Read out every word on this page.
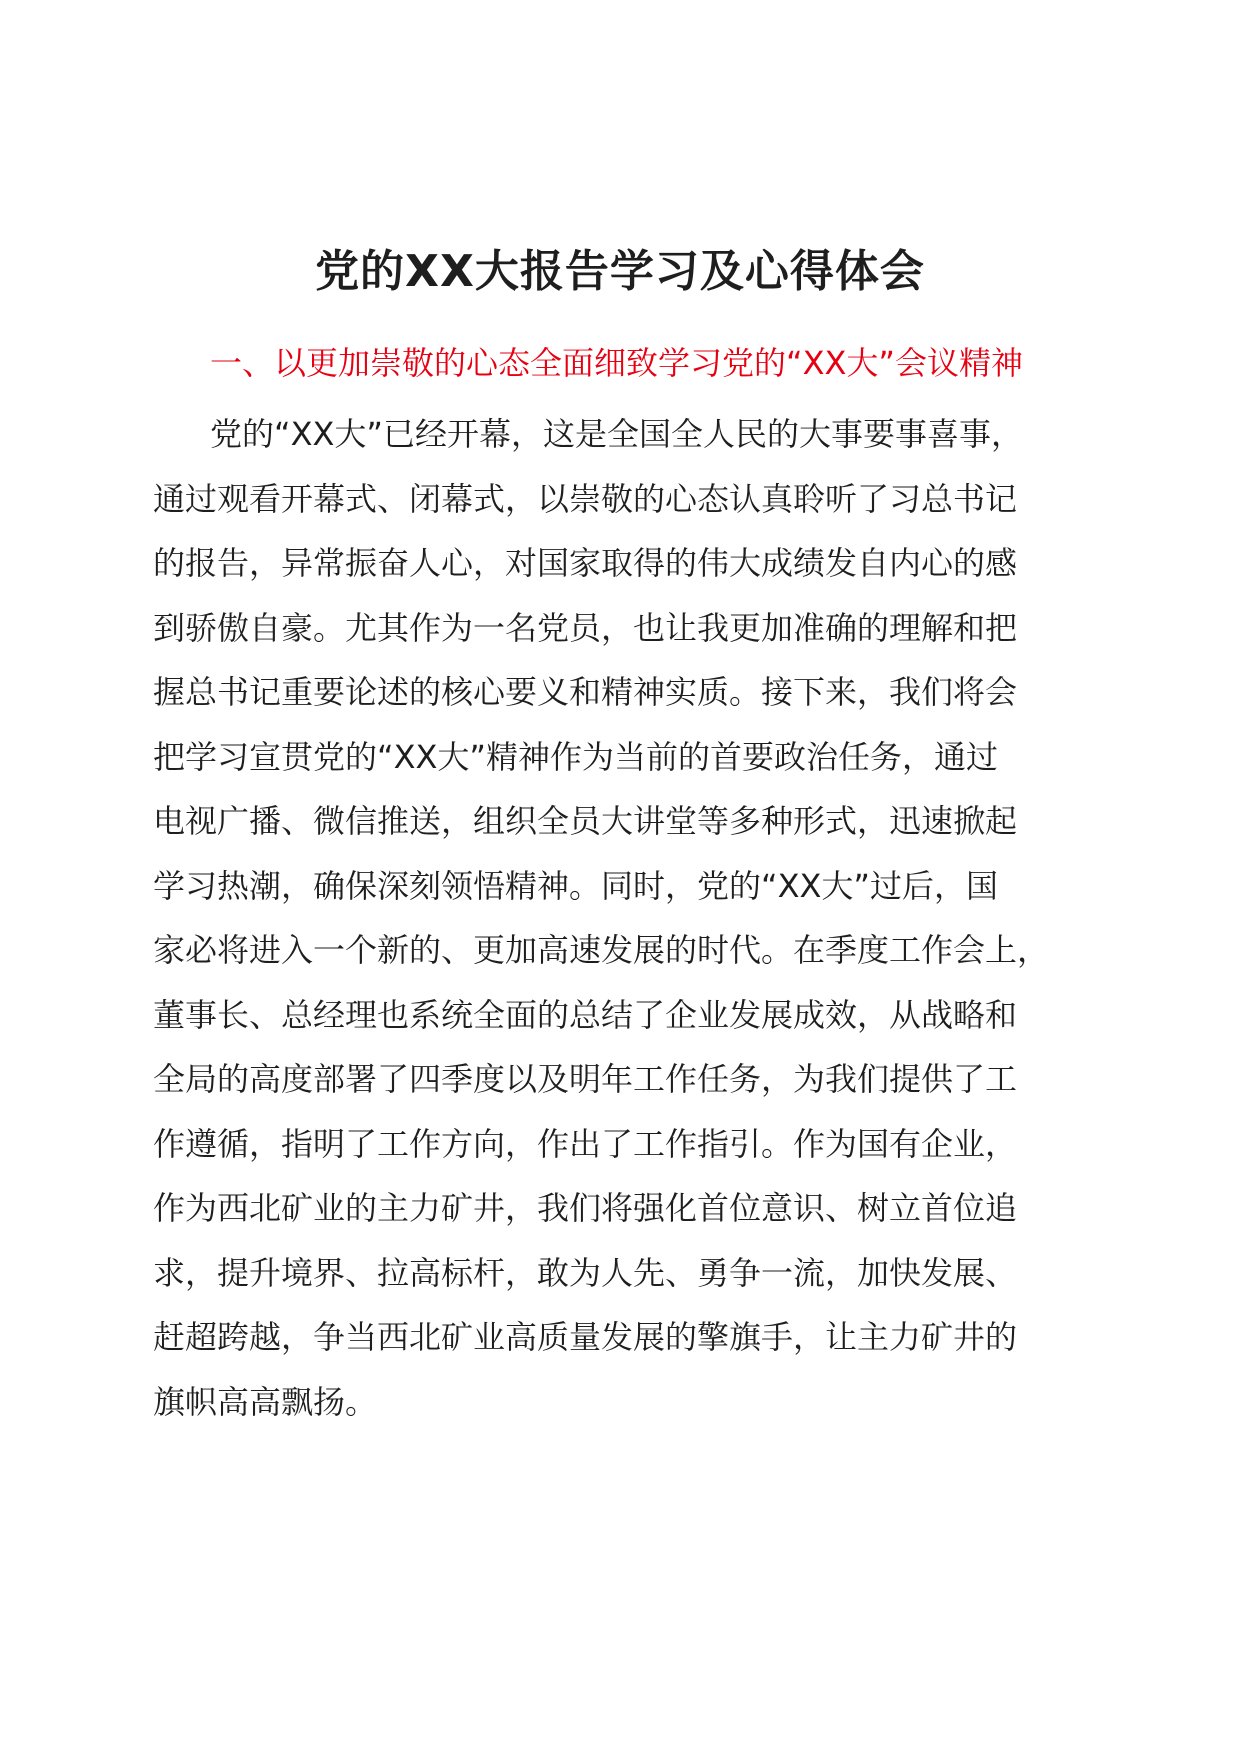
党的XX大报告学习及心得体会
一、以更加崇敬的心态全面细致学习党的“XX大”会议精神
党的“XX大”已经开幕，这是全国全人民的大事要事喜事，
通过观看开幕式、闭幕式，以崇敬的心态认真聆听了习总书记
的报告，异常振奋人心，对国家取得的伟大成绩发自内心的感
到骄傲自豪。尤其作为一名党员，也让我更加准确的理解和把
握总书记重要论述的核心要义和精神实质。接下来，我们将会
把学习宣贯党的“XX大”精神作为当前的首要政治任务，通过
电视广播、微信推送，组织全员大讲堂等多种形式，迅速掀起
学习热潮，确保深刻领悟精神。同时，党的“XX大”过后，国
家必将进入一个新的、更加高速发展的时代。在季度工作会上，
董事长、总经理也系统全面的总结了企业发展成效，从战略和
全局的高度部署了四季度以及明年工作任务，为我们提供了工
作遵循，指明了工作方向，作出了工作指引。作为国有企业，
作为西北矿业的主力矿井，我们将强化首位意识、树立首位追
求，提升境界、拉高标杆，敢为人先、勇争一流，加快发展、
赶超跨越，争当西北矿业高质量发展的擎旗手，让主力矿井的
旗帜高高飘扬。
